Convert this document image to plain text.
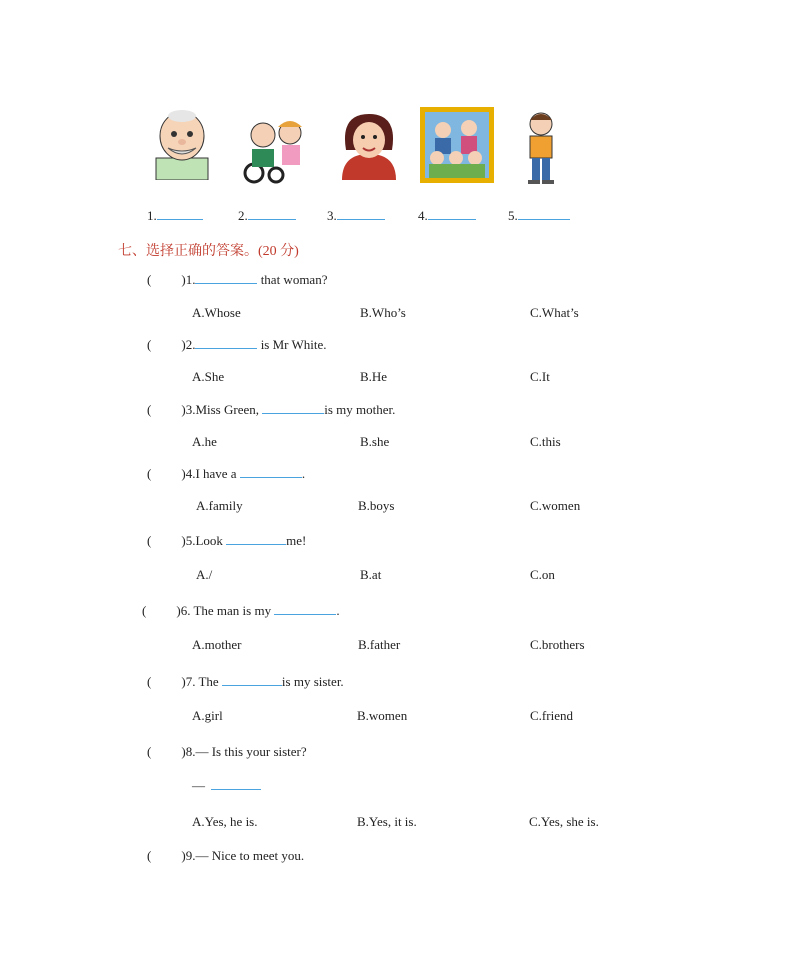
1.	2.	3.	4.	5.
七、选择正确的答案。(20 分)
( )1.	that woman?
A.Whose	B.Who’s	C.What’s
( )2.	is Mr White.
A.She	B.He	C.It
( )3.Miss Green,	is my mother.
A.he	B.she	C.this
( )4.I have a	.
A.family	B.boys	C.women
( )5.Look	me!
A./	B.at	C.on
( )6. The man is my	.
A.mother	B.father	C.brothers
( )7. The	is my sister.
A.girl	B.women	C.friend
( )8.— Is this your sister?
—
A.Yes, he is.	B.Yes, it is.	C.Yes, she is.
( )9.— Nice to meet you.
